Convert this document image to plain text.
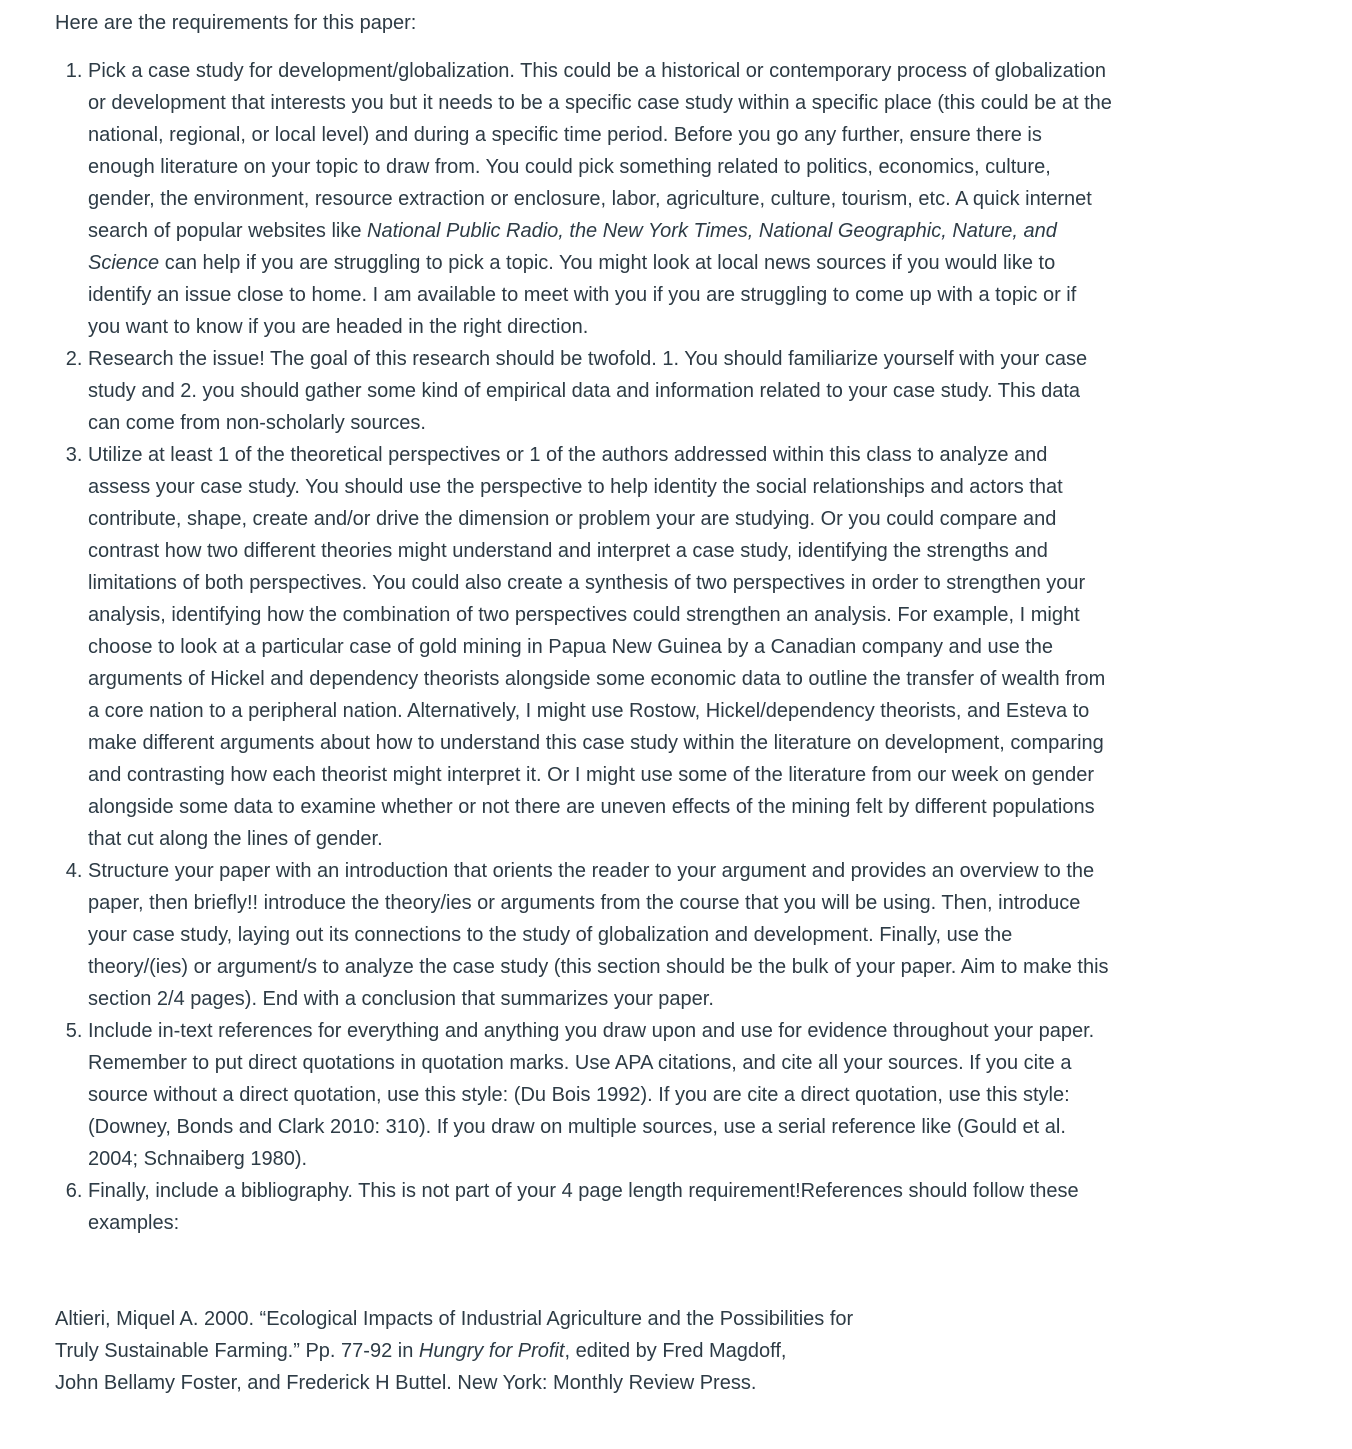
Here are the requirements for this paper:

1. Pick a case study for development/globalization. This could be a historical or contemporary process of globalization or development that interests you but it needs to be a specific case study within a specific place (this could be at the national, regional, or local level) and during a specific time period. Before you go any further, ensure there is enough literature on your topic to draw from. You could pick something related to politics, economics, culture, gender, the environment, resource extraction or enclosure, labor, agriculture, culture, tourism, etc. A quick internet search of popular websites like National Public Radio, the New York Times, National Geographic, Nature, and Science can help if you are struggling to pick a topic. You might look at local news sources if you would like to identify an issue close to home. I am available to meet with you if you are struggling to come up with a topic or if you want to know if you are headed in the right direction.
2. Research the issue! The goal of this research should be twofold. 1. You should familiarize yourself with your case study and 2. you should gather some kind of empirical data and information related to your case study. This data can come from non-scholarly sources.
3. Utilize at least 1 of the theoretical perspectives or 1 of the authors addressed within this class to analyze and assess your case study. You should use the perspective to help identity the social relationships and actors that contribute, shape, create and/or drive the dimension or problem your are studying. Or you could compare and contrast how two different theories might understand and interpret a case study, identifying the strengths and limitations of both perspectives. You could also create a synthesis of two perspectives in order to strengthen your analysis, identifying how the combination of two perspectives could strengthen an analysis. For example, I might choose to look at a particular case of gold mining in Papua New Guinea by a Canadian company and use the arguments of Hickel and dependency theorists alongside some economic data to outline the transfer of wealth from a core nation to a peripheral nation. Alternatively, I might use Rostow, Hickel/dependency theorists, and Esteva to make different arguments about how to understand this case study within the literature on development, comparing and contrasting how each theorist might interpret it. Or I might use some of the literature from our week on gender alongside some data to examine whether or not there are uneven effects of the mining felt by different populations that cut along the lines of gender.
4. Structure your paper with an introduction that orients the reader to your argument and provides an overview to the paper, then briefly!! introduce the theory/ies or arguments from the course that you will be using. Then, introduce your case study, laying out its connections to the study of globalization and development. Finally, use the theory/(ies) or argument/s to analyze the case study (this section should be the bulk of your paper. Aim to make this section 2/4 pages). End with a conclusion that summarizes your paper.
5. Include in-text references for everything and anything you draw upon and use for evidence throughout your paper. Remember to put direct quotations in quotation marks. Use APA citations, and cite all your sources. If you cite a source without a direct quotation, use this style: (Du Bois 1992). If you are cite a direct quotation, use this style: (Downey, Bonds and Clark 2010: 310). If you draw on multiple sources, use a serial reference like (Gould et al. 2004; Schnaiberg 1980).
6. Finally, include a bibliography. This is not part of your 4 page length requirement!References should follow these examples:

Altieri, Miquel A. 2000. “Ecological Impacts of Industrial Agriculture and the Possibilities for
Truly Sustainable Farming.” Pp. 77-92 in Hungry for Profit, edited by Fred Magdoff,
John Bellamy Foster, and Frederick H Buttel. New York: Monthly Review Press.
